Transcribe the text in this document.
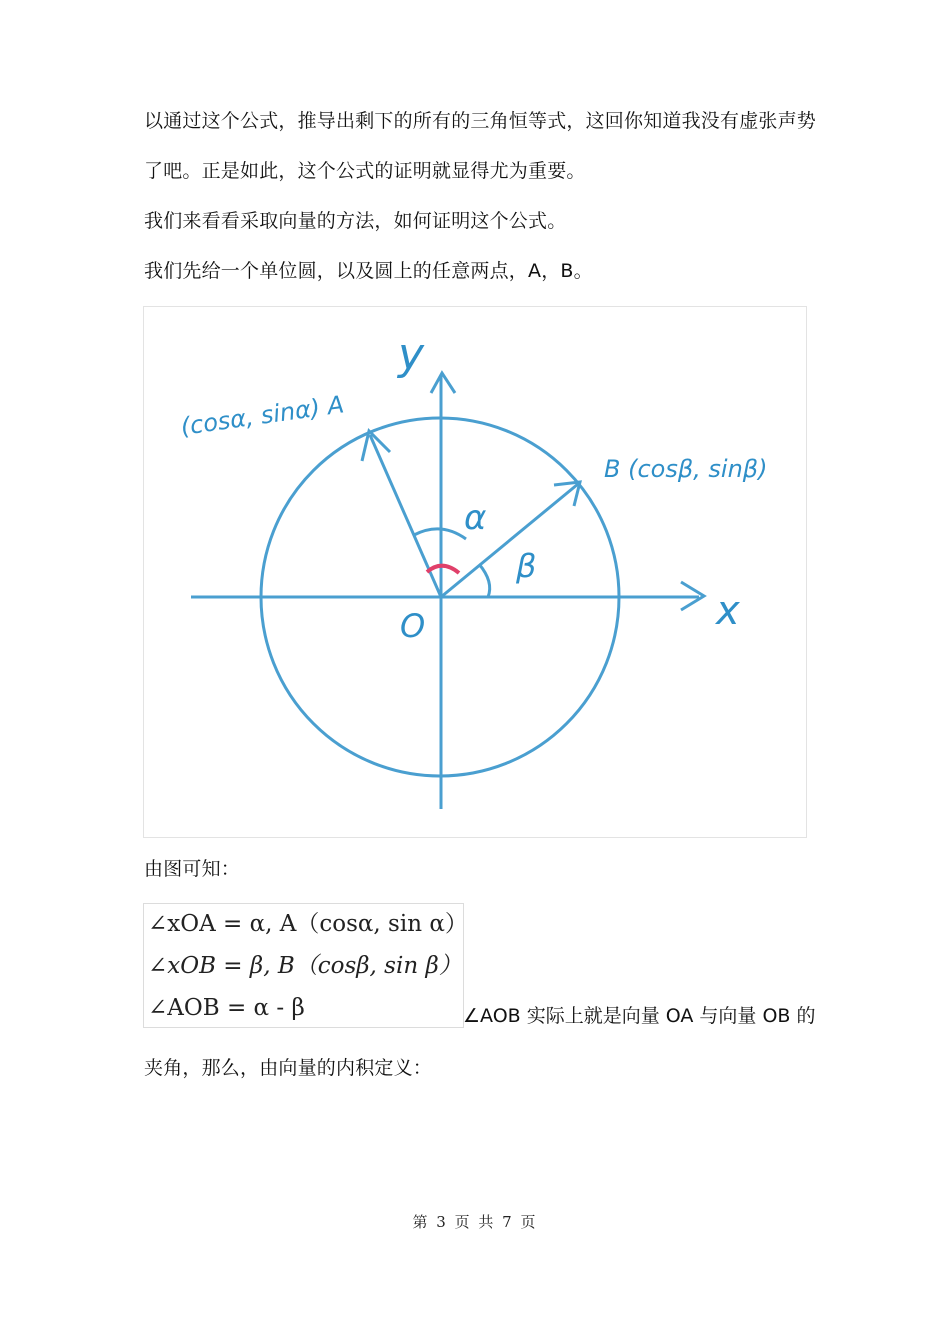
以通过这个公式，推导出剩下的所有的三角恒等式，这回你知道我没有虚张声势
了吧。正是如此，这个公式的证明就显得尤为重要。
我们来看看采取向量的方法，如何证明这个公式。
我们先给一个单位圆，以及圆上的任意两点，A，B。
y
x
O
(cosα, sinα) A
B (cosβ, sinβ)
α
β
由图可知：
∠xOA = α, A（cosα, sin α）
∠xOB = β, B（cosβ, sin β）
∠AOB = α - β	∠AOB 实际上就是向量 OA 与向量 OB 的
夹角，那么，由向量的内积定义：
第 3 页 共 7 页
